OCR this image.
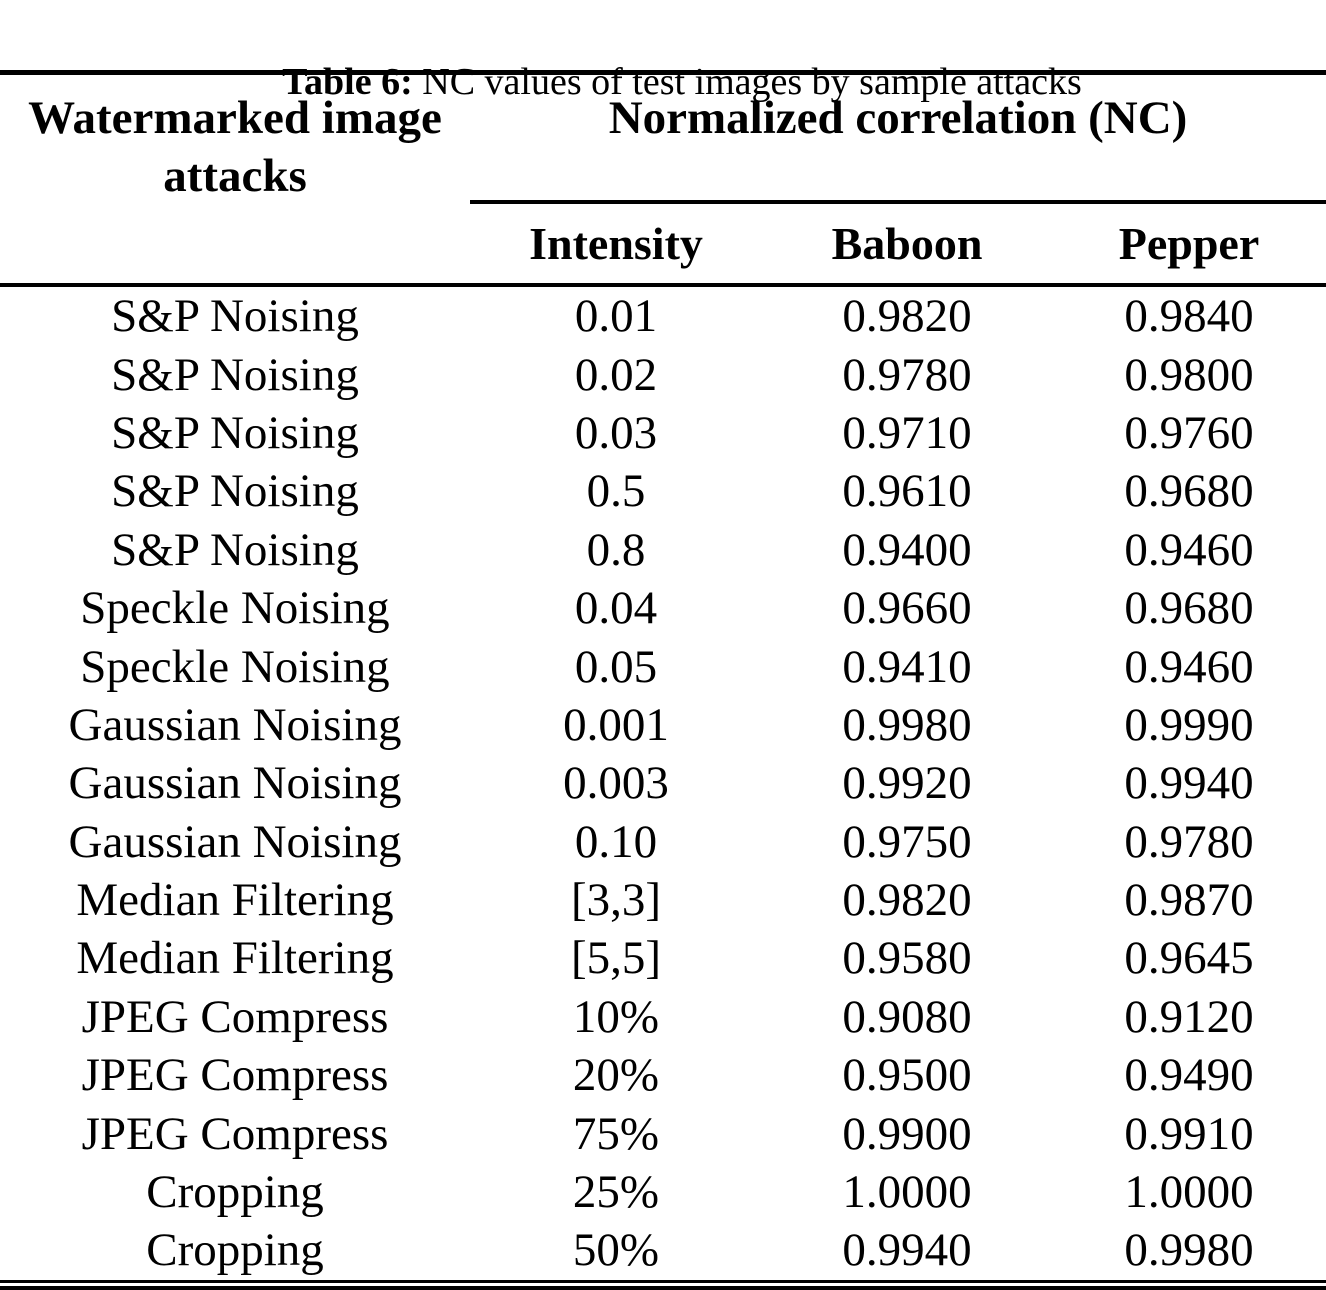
Table 6: NC values of test images by sample attacks

Watermarked image
attacks	Normalized correlation (NC)		
	Intensity	Baboon	Pepper
S&P Noising	0.01	0.9820	0.9840
S&P Noising	0.02	0.9780	0.9800
S&P Noising	0.03	0.9710	0.9760
S&P Noising	0.5	0.9610	0.9680
S&P Noising	0.8	0.9400	0.9460
Speckle Noising	0.04	0.9660	0.9680
Speckle Noising	0.05	0.9410	0.9460
Gaussian Noising	0.001	0.9980	0.9990
Gaussian Noising	0.003	0.9920	0.9940
Gaussian Noising	0.10	0.9750	0.9780
Median Filtering	[3,3]	0.9820	0.9870
Median Filtering	[5,5]	0.9580	0.9645
JPEG Compress	10%	0.9080	0.9120
JPEG Compress	20%	0.9500	0.9490
JPEG Compress	75%	0.9900	0.9910
Cropping	25%	1.0000	1.0000
Cropping	50%	0.9940	0.9980
